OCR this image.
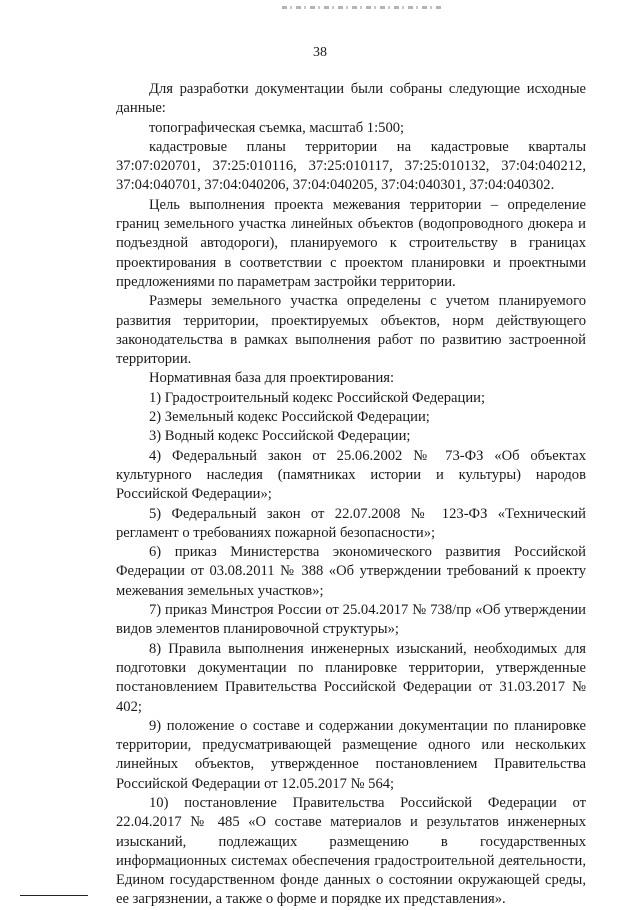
38

Для разработки документации были собраны следующие исходные данные:

топографическая съемка, масштаб 1:500;

кадастровые планы территории на кадастровые кварталы 37:07:020701, 37:25:010116, 37:25:010117, 37:25:010132, 37:04:040212, 37:04:040701, 37:04:040206, 37:04:040205, 37:04:040301, 37:04:040302.

Цель выполнения проекта межевания территории – определение границ земельного участка линейных объектов (водопроводного дюкера и подъездной автодороги), планируемого к строительству в границах проектирования в соответствии с проектом планировки и проектными предложениями по параметрам застройки территории.

Размеры земельного участка определены с учетом планируемого развития территории, проектируемых объектов, норм действующего законодательства в рамках выполнения работ по развитию застроенной территории.

Нормативная база для проектирования:

1) Градостроительный кодекс Российской Федерации;

2) Земельный кодекс Российской Федерации;

3) Водный кодекс Российской Федерации;

4) Федеральный закон от 25.06.2002 № 73-ФЗ «Об объектах культурного наследия (памятниках истории и культуры) народов Российской Федерации»;

5) Федеральный закон от 22.07.2008 № 123-ФЗ «Технический регламент о требованиях пожарной безопасности»;

6) приказ Министерства экономического развития Российской Федерации от 03.08.2011 № 388 «Об утверждении требований к проекту межевания земельных участков»;

7) приказ Минстроя России от 25.04.2017 № 738/пр «Об утверждении видов элементов планировочной структуры»;

8) Правила выполнения инженерных изысканий, необходимых для подготовки документации по планировке территории, утвержденные постановлением Правительства Российской Федерации от 31.03.2017 № 402;

9) положение о составе и содержании документации по планировке территории, предусматривающей размещение одного или нескольких линейных объектов, утвержденное постановлением Правительства Российской Федерации от 12.05.2017 № 564;

10) постановление Правительства Российской Федерации от 22.04.2017 № 485 «О составе материалов и результатов инженерных изысканий, подлежащих размещению в государственных информационных системах обеспечения градостроительной деятельности, Едином государственном фонде данных о состоянии окружающей среды, ее загрязнении, а также о форме и порядке их представления».
